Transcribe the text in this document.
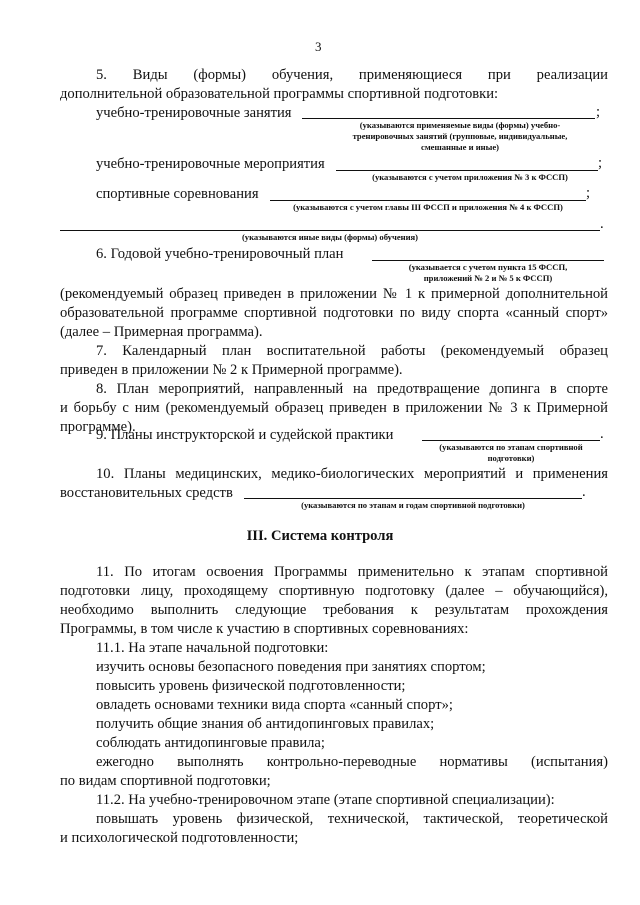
3
5. Виды (формы) обучения, применяющиеся при реализации
дополнительной образовательной программы спортивной подготовки:
учебно-тренировочные занятия	;
(указываются применяемые виды (формы) учебно-
тренировочных занятий (групповые, индивидуальные,
смешанные и иные)
учебно-тренировочные мероприятия	;
(указываются с учетом приложения № 3 к ФССП)
спортивные соревнования	;
(указываются с учетом главы III ФССП и приложения № 4 к ФССП)
.
(указываются иные виды (формы) обучения)
6. Годовой учебно-тренировочный план
(указывается с учетом пункта 15 ФССП,
приложений № 2 и № 5 к ФССП)
(рекомендуемый образец приведен в приложении № 1 к примерной дополнительной
образовательной программе спортивной подготовки по виду спорта «санный спорт»
(далее – Примерная программа).
7. Календарный план воспитательной работы (рекомендуемый образец
приведен в приложении № 2 к Примерной программе).
8. План мероприятий, направленный на предотвращение допинга в спорте
и борьбу с ним (рекомендуемый образец приведен в приложении № 3 к Примерной
программе).
9. Планы инструкторской и судейской практики	.
(указываются по этапам спортивной
подготовки)
10. Планы медицинских, медико-биологических мероприятий и применения
восстановительных средств	.
(указываются по этапам и годам спортивной подготовки)
III. Система контроля
11. По итогам освоения Программы применительно к этапам спортивной
подготовки лицу, проходящему спортивную подготовку (далее – обучающийся),
необходимо выполнить следующие требования к результатам прохождения
Программы, в том числе к участию в спортивных соревнованиях:
11.1. На этапе начальной подготовки:
изучить основы безопасного поведения при занятиях спортом;
повысить уровень физической подготовленности;
овладеть основами техники вида спорта «санный спорт»;
получить общие знания об антидопинговых правилах;
соблюдать антидопинговые правила;
ежегодно выполнять контрольно-переводные нормативы (испытания)
по видам спортивной подготовки;
11.2. На учебно-тренировочном этапе (этапе спортивной специализации):
повышать уровень физической, технической, тактической, теоретической
и психологической подготовленности;
